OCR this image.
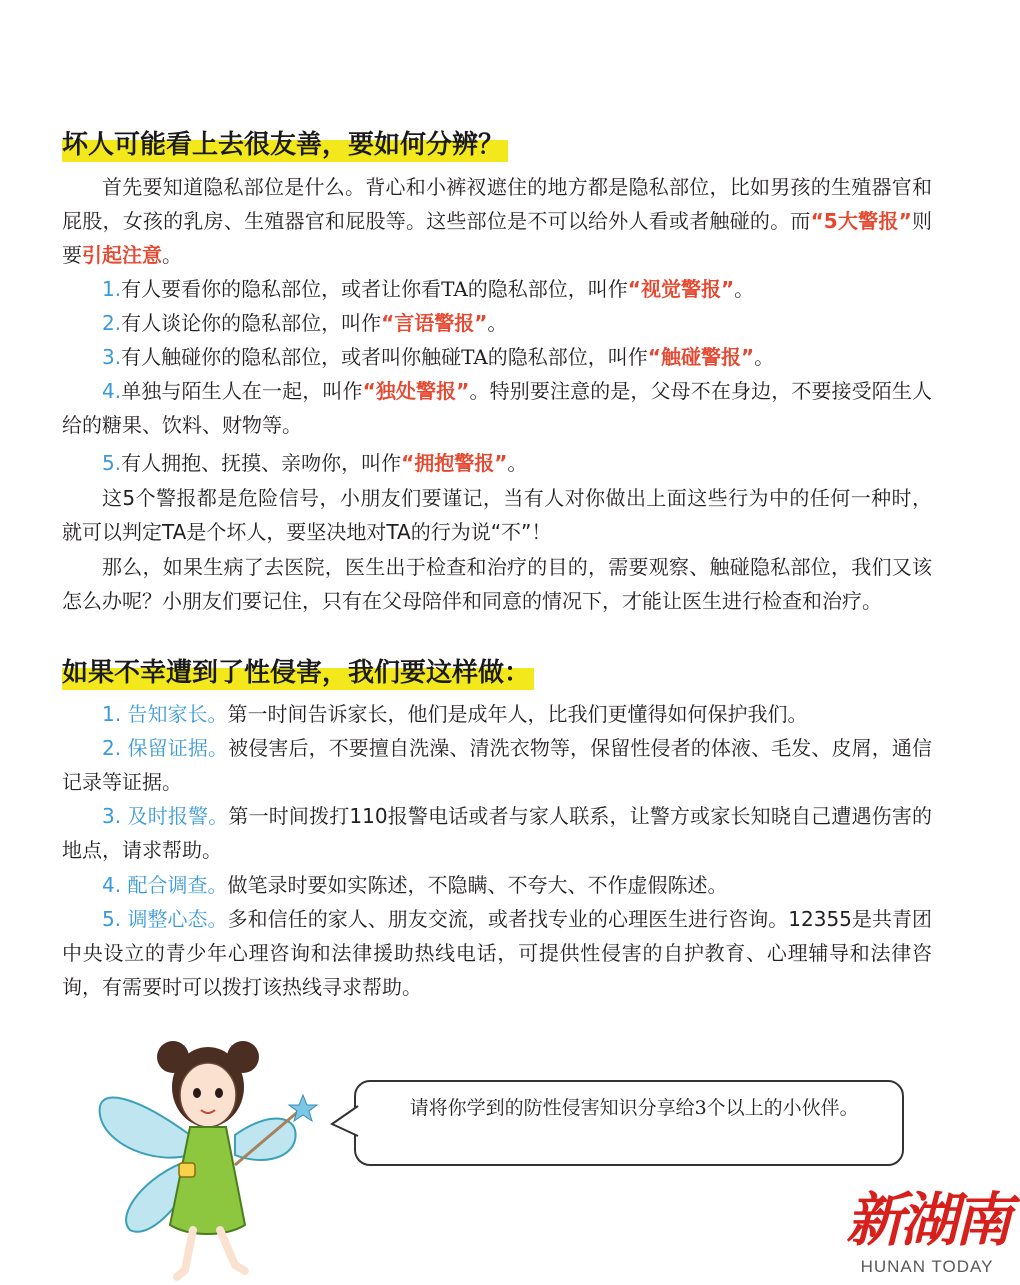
坏人可能看上去很友善，要如何分辨？

首先要知道隐私部位是什么。背心和小裤衩遮住的地方都是隐私部位，比如男孩的生殖器官和屁股，女孩的乳房、生殖器官和屁股等。这些部位是不可以给外人看或者触碰的。而“5大警报”则要引起注意。

1.有人要看你的隐私部位，或者让你看TA的隐私部位，叫作“视觉警报”。

2.有人谈论你的隐私部位，叫作“言语警报”。

3.有人触碰你的隐私部位，或者叫你触碰TA的隐私部位，叫作“触碰警报”。

4.单独与陌生人在一起，叫作“独处警报”。特别要注意的是，父母不在身边，不要接受陌生人给的糖果、饮料、财物等。

5.有人拥抱、抚摸、亲吻你，叫作“拥抱警报”。

这5个警报都是危险信号，小朋友们要谨记，当有人对你做出上面这些行为中的任何一种时，就可以判定TA是个坏人，要坚决地对TA的行为说“不”！

那么，如果生病了去医院，医生出于检查和治疗的目的，需要观察、触碰隐私部位，我们又该怎么办呢？小朋友们要记住，只有在父母陪伴和同意的情况下，才能让医生进行检查和治疗。

如果不幸遭到了性侵害，我们要这样做：

1. 告知家长。第一时间告诉家长，他们是成年人，比我们更懂得如何保护我们。

2. 保留证据。被侵害后，不要擅自洗澡、清洗衣物等，保留性侵者的体液、毛发、皮屑，通信记录等证据。

3. 及时报警。第一时间拨打110报警电话或者与家人联系，让警方或家长知晓自己遭遇伤害的地点，请求帮助。

4. 配合调查。做笔录时要如实陈述，不隐瞒、不夸大、不作虚假陈述。

5. 调整心态。多和信任的家人、朋友交流，或者找专业的心理医生进行咨询。12355是共青团中央设立的青少年心理咨询和法律援助热线电话，可提供性侵害的自护教育、心理辅导和法律咨询，有需要时可以拨打该热线寻求帮助。

请将你学到的防性侵害知识分享给3个以上的小伙伴。

新湖南
HUNAN TODAY
